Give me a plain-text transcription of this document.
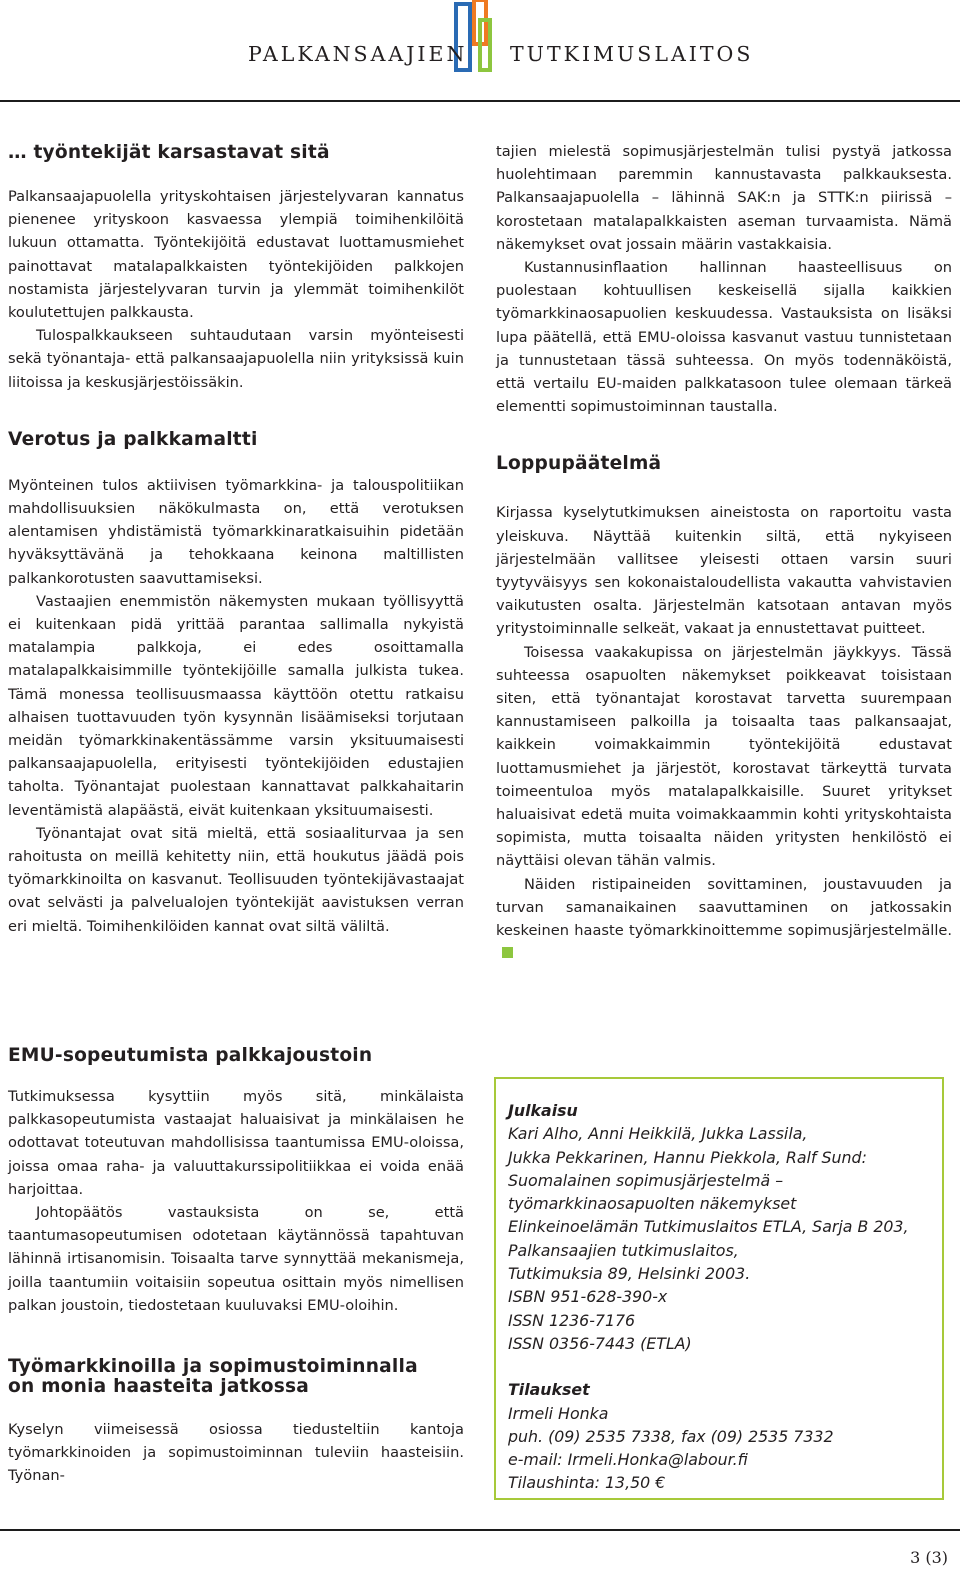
PALKANSAAJIEN TUTKIMUSLAITOS
… työntekijät karsastavat sitä

Palkansaajapuolella yrityskohtaisen järjestelyvaran kannatus pienenee yrityskoon kasvaessa ylempiä toimihenkilöitä lukuun ottamatta. Työntekijöitä edustavat luottamusmiehet painottavat matalapalkkaisten työntekijöiden palkkojen nostamista järjestelyvaran turvin ja ylemmät toimihenkilöt koulutettujen palkkausta.

Tulospalkkaukseen suhtaudutaan varsin myönteisesti sekä työnantaja- että palkansaajapuolella niin yrityksissä kuin liitoissa ja keskusjärjestöissäkin.

Verotus ja palkkamaltti

Myönteinen tulos aktiivisen työmarkkina- ja talouspolitiikan mahdollisuuksien näkökulmasta on, että verotuksen alentamisen yhdistämistä työmarkkinaratkaisuihin pidetään hyväksyttävänä ja tehokkaana keinona maltillisten palkankorotusten saavuttamiseksi.

Vastaajien enemmistön näkemysten mukaan työllisyyttä ei kuitenkaan pidä yrittää parantaa sallimalla nykyistä matalampia palkkoja, ei edes osoittamalla matalapalkkaisimmille työntekijöille samalla julkista tukea. Tämä monessa teollisuusmaassa käyttöön otettu ratkaisu alhaisen tuottavuuden työn kysynnän lisäämiseksi torjutaan meidän työmarkkinakentässämme varsin yksituumaisesti palkansaajapuolella, erityisesti työntekijöiden edustajien taholta. Työnantajat puolestaan kannattavat palkkahaitarin leventämistä alapäästä, eivät kuitenkaan yksituumaisesti.

Työnantajat ovat sitä mieltä, että sosiaaliturvaa ja sen rahoitusta on meillä kehitetty niin, että houkutus jäädä pois työmarkkinoilta on kasvanut. Teollisuuden työntekijävastaajat ovat selvästi ja palvelualojen työntekijät aavistuksen verran eri mieltä. Toimihenkilöiden kannat ovat siltä väliltä.

tajien mielestä sopimusjärjestelmän tulisi pystyä jatkossa huolehtimaan paremmin kannustavasta palkkauksesta. Palkansaajapuolella – lähinnä SAK:n ja STTK:n piirissä – korostetaan matalapalkkaisten aseman turvaamista. Nämä näkemykset ovat jossain määrin vastakkaisia.

Kustannusinflaation hallinnan haasteellisuus on puolestaan kohtuullisen keskeisellä sijalla kaikkien työmarkkinaosapuolien keskuudessa. Vastauksista on lisäksi lupa päätellä, että EMU-oloissa kasvanut vastuu tunnistetaan ja tunnustetaan tässä suhteessa. On myös todennäköistä, että vertailu EU-maiden palkkatasoon tulee olemaan tärkeä elementti sopimustoiminnan taustalla.

Loppupäätelmä

Kirjassa kyselytutkimuksen aineistosta on raportoitu vasta yleiskuva. Näyttää kuitenkin siltä, että nykyiseen järjestelmään vallitsee yleisesti ottaen varsin suuri tyytyväisyys sen kokonaistaloudellista vakautta vahvistavien vaikutusten osalta. Järjestelmän katsotaan antavan myös yritystoiminnalle selkeät, vakaat ja ennustettavat puitteet.

Toisessa vaakakupissa on järjestelmän jäykkyys. Tässä suhteessa osapuolten näkemykset poikkeavat toisistaan siten, että työnantajat korostavat tarvetta suurempaan kannustamiseen palkoilla ja toisaalta taas palkansaajat, kaikkein voimakkaimmin työntekijöitä edustavat luottamusmiehet ja järjestöt, korostavat tärkeyttä turvata toimeentuloa myös matalapalkkaisille. Suuret yritykset haluaisivat edetä muita voimakkaammin kohti yrityskohtaista sopimista, mutta toisaalta näiden yritysten henkilöstö ei näyttäisi olevan tähän valmis.

Näiden ristipaineiden sovittaminen, joustavuuden ja turvan samanaikainen saavuttaminen on jatkossakin keskeinen haaste työmarkkinoittemme sopimusjärjestelmälle.

EMU-sopeutumista palkkajoustoin

Tutkimuksessa kysyttiin myös sitä, minkälaista palkkasopeutumista vastaajat haluaisivat ja minkälaisen he odottavat toteutuvan mahdollisissa taantumissa EMU-oloissa, joissa omaa raha- ja valuuttakurssipolitiikkaa ei voida enää harjoittaa.

Johtopäätös vastauksista on se, että taantumasopeutumisen odotetaan käytännössä tapahtuvan lähinnä irtisanomisin. Toisaalta tarve synnyttää mekanismeja, joilla taantumiin voitaisiin sopeutua osittain myös nimellisen palkan joustoin, tiedostetaan kuuluvaksi EMU-oloihin.

Työmarkkinoilla ja sopimustoiminnalla on monia haasteita jatkossa

Kyselyn viimeisessä osiossa tiedusteltiin kantoja työmarkkinoiden ja sopimustoiminnan tuleviin haasteisiin. Työnan-

Julkaisu
Kari Alho, Anni Heikkilä, Jukka Lassila,
Jukka Pekkarinen, Hannu Piekkola, Ralf Sund:
Suomalainen sopimusjärjestelmä –
työmarkkinaosapuolten näkemykset
Elinkeinoelämän Tutkimuslaitos ETLA, Sarja B 203,
Palkansaajien tutkimuslaitos,
Tutkimuksia 89, Helsinki 2003.
ISBN 951-628-390-x
ISSN 1236-7176
ISSN 0356-7443 (ETLA)
Tilaukset
Irmeli Honka
puh. (09) 2535 7338, fax (09) 2535 7332
e-mail: Irmeli.Honka@labour.fi
Tilaushinta: 13,50 €
3 (3)
